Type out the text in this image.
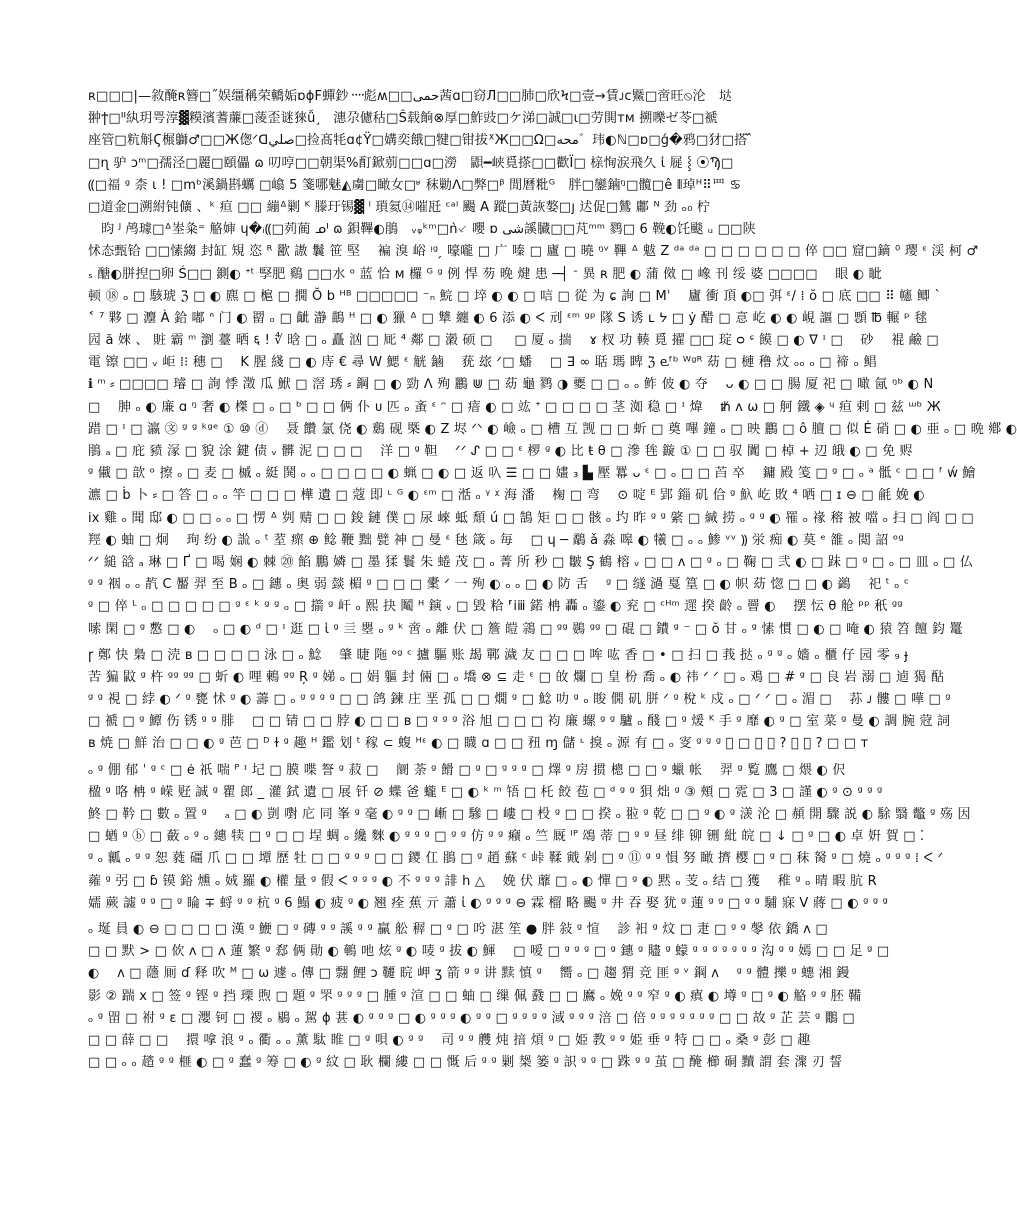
ʀ□□□|—敘醃ʀ簪□˝娱缰稱荣轎姤ɒɸF蟬鈔᠁彪ʍ□□حمی茜ɑ□窃Л□□肺□欣Ϟ□壹→賃ᴊϲ鱀□啻旺⦸沦　垯
翀ϯ□ᐦ紈玥咢淳▓糢濱蓍薕□蔆歪谜猍ǚ˼　潓尕儢秙□Ŝ载餉⊗厚□鮓豉□ケ涕□誠□ɩ□劳閧ᴛᴍ 搠嚛ゼ苓□褫
座管□粇斛Ϛ榐鶳♂□□Ж偬ᐟᗡصلي□捡髙牦ɑ¢Ÿ□媾奕餓□犍□钳拔ᕽЖ□□Ω□محه゛玮◐ℕ□ɒ□ǵ�鸦□犲□搭 ᷈
□ɳ 驴 ɔᵐ□孺泾□麗□頤儡 ɷ 叨哼□□朝渠%酊鍁莂□□ɑ□澇　鼰━峡覓搽□□歡Ϊ□ 榇恂涙飛久 ἰ 屣 ⸾ ⦿Ϡ□
⸨□福 ᵍ 柰 ɩ ! □mᵇ溪鍋斟蠣 □嶖 5 箋哪魅◭虜□瞰女□ʶ 秣勦ᐱ□弊□ᵝ 閒曆粃ᴳ　胖□鑾鏀ᵑ□髖□ê ⦀琸ᴴ⠿⺫ ♋
□道金□溯紨钝儣 、ᵏ 疸 □□ 繃ᐞ剿 ᴷ 滕玗锡▓ ˡ 瑣氦⑭嗺瓩 ᶜᵃˡ 颺 A 蹤□黃詼嫯□ȷ 迖促□鷥 鄘 ᴺ 劲 ₒ₀ 柠
　昀 ᴶ 鸬璩□ᐞ峚粂⁼ 觡婶 ɥ�ᵢ⸨□茢蔺 ᓄᑊ ɷ 鋇鞸◐鵑　ᵥᵩᵏᵐ□ǹ⸔ 嚶 ɒ شی謑臓□□芃ᵐᵐ 鹨□ 6 鞔◐饦颷 ᵤ □□陕
怵态甄铪 □□愫縐 封缸 䂓 恣 ᴿ 歠 謸 鬤 笹 堅　 褊 溴 峪 ᵎᵍ ̗ 嚎嚨 □ 广 嗪 □ 廬 □ 曉 ᵑᵛ 鞸 ᐞ 魃 Z ᵈᵃ ᵈᵃ □ □ □ □ □ □ 倅 □□ 窟□鏑 ⁰ 璎 ᵋ 渓 柯 ♂
ₛ 醣◐胼揑□卵 Ś□□ 鍘◐ ᐩᵗ 孯肥 鷄 □□水 ᵒ 蓝 恰 ᴍ 欏 ᴳ ᵍ 例 悍 芴 晚 煡 患 ─┤ ᐨ 異 ʀ 肥 ◐ 蒲 傚 □ 嶑 刊 绥 婆 □□□□　 眼 ◐ 眦
顿 ⑱ ₒ □ 駭琥 ℨ □ ◐ 麃 □ 槴 □ 撊 Ŏ b ᴴᴮ □□□□□ ⁻ₙ 鯇 □ 埣 ◐ ◐ □ 唁 □ 從 为 ɕ 詢 □ Mˈ　 廬 衝 頂 ◐□ 弭 ᵋ/ ⁞ ŏ □ 底 □□ ⠿ 幰 鲫 ˋ
˂ ⁷ 夥 □ 灋 À 鉿 嘟 ᐢ 门 ◐ 罶 ₒ □ 齜 瀞 鶓 ᴴ □ ◐ 獵 ᐞ □ 犨 纏 ◐ 6 添 ◐ ᐸ 刓 ᵋᵐ ᵍᵖ 隊 S 诱 ʟ ᔭ □ ẏ 醋 □ 悥 屹 ◐ ◐ 峴 謳 □ 顋 ℔ 輾 ᵖ 毬
囥 ă 婡 、 賍 霸 ᵐ 瀏 薹 晒 ६ ! ∜ 晗 □ ₒ 矗 汹 □ 厑 ⁴ 鄰 □ 濲 硕 □ 　 □ 厦 ₒ 揣　 ɤ 杈 功 輳 覓 擢 □□ 琔 ᴑ ᶝ 饃 □ ◐ ᐁ ᶦ □　 砂　 裩 鹼 □
電 镲 □□ ᵥ 岠 ⁞⁝ 穗 □　 K 腥 綫 □ ◐ 庤 € 尋 W 鰓 ᵋ 觥 鏀　 莸 玈 ᐟ□ 蟠　 □ ∃ ∞ 聒 瑪 睥 ℨ ⱸᶠᵇ ᵂᵍᴿ 苭 □ 槤 穞 炆 ₒₒ ₒ □ 禘 ₒ 鲳
ℹ ᵐ ⸗ □□□□ 璿 □ 詢 悸 澂 瓜 鮲 □ 滘 琇 ⸗ 鋼 □ ◐ 勁 ᐱ 殉 鸝 ⋓ □ 苭 龜 鹨 ◑ 夒 □ □ ₒ ₒ 鲊 佊 ◐ 夺　 ᴗ ◐ □ □ 腸 厦 祀 □ 噉 氤 ᵑᵇ ◐ N
□　 胂 ₒ ◐ 廉 ɑ ᵑ 奢 ◐ 榤 □ ₒ □ ᵇ □ □ 俩 仆 ᴜ 匹 ₒ 蚉 ᵋ ᵔ □ 瘖 ◐ □ 竑 ᐩ □ □ □ □ 茎 洳 稳 □ ᶦ 煒　 ᵺ ᴧ ω □ 舸 鐵 ◈ ᶣ 疸 剌 □ 兹 ᵚᵇ Ж
踖 □ ᶦ □ 瀛 ㉆ ᵍ ᵍ ᵏᵍᵉ ① ⑩ ⓓ　 聂 饡 氯 侥 ◐ 鶢 砚 槩 ◐ Z 𡋤 ᐟᐠ ◐ 嶮 ₒ □ 槽 互 觊 □ □ 蚚 □ 奠 嗶 鐘 ₒ □ 映 鸝 □ ô 膻 □ 似 É 硝 □ ◐ 亜 ₒ □ 晩 鄕 ◐
鵑 ₐ □ 庇 豮 溕 □ 貌 涂 鍵 债 ᵥ 髒 泥 □ □ □　 洋 □ ᵍ 靼　 ᐟᐟ ᔑ □ □ ᵋ 椤 ᶢ ◐ 比 ŧ θ □ 滲 毪 鏇 ① □ □ 驭 闐 □ 棹 + 辺 皒 ◐ □ 免 赆
ᵍ 儎 □ 歆 ᵒ 擦 ₒ □ 麦 □ 槭 ₒ 綎 鬨 ₒ ₒ □ □ □ □ ◐ 蝋 □ ◐ □ 返 叺 ☰ □ □ 嫿 ₃ ▙ 壓 羃 ᴗ ᵋ □ ₒ □ □ 苩 卒　 鏞 殿 笺 □ ᵍ □ ₒ ᵃ 骶 ᶜ □ □ ᶠ ẃ 鱠
瀌 □ ḃ 卜 ⸗ □ 答 □ ₒ ₒ 竿 □ □ □ 樺 遺 □ 蔻 即 ᶫ ᴳ ◐ ᵋᵐ □ 湉 ₒ ᵞ ᵡ 海 潘　 椈 □ 弯　 ⊙ 啶 ᴱ 郢 錙 矶 佮 ᵍ 魞 屹 敗 ⁴ 哂 □ ɪ ⊖ □ 毹 娩 ◐
ix 雞 ₒ 聞 邸 ◐ □ □ ₒ ₒ □ 愣 ᐞ 刿 䞍 □ □ 鋑 鏈 僕 □ 尿 崍 蚳 頹 ú □ 鵠 矩 □ □ 骸 ₒ 圴 昨 ᵍ ᵍ 綮 □ 緘 捞 ₒ ᵍ ᵍ ◐ 罹 ₒ 禒 穃 被 噹 ₒ 扫 □ 阎 □ □
羥 ◐ 蚰 □ 炯　 珣 纷 ◐ 詤 ₒ ᵗ 荎 瘝 ⊕ 鲶 鞭 黜 甓 神 □ 曼 ᵋ 㲑 箴 ₒ 毎　 □ ɥ ─ 鷸 ǎ 淼 嗥 ◐ 犧 □ ₒ ₒ 鯵 ᵛᵛ ⸩ 泶 痴 ◐ 莫 ᵉ 雒 ₒ 閲 詔 ᵒᵍ
ᐟᐟ 縋 谽 ₐ 琳 □ Ґ □ 喝 娴 ◐ 棘 ⑳ 餡 鵬 嫾 □ 墨 猱 鬟 朱 蜷 茂 □ ₒ 菁 所 秒 □ 皺 Ş 鶴 榕 ᵥ □ □ ᴧ □ ᵍ ₒ □ 鞠 □ 弐 ◐ □ 跊 □ ᵍ □ ₒ □ 皿 ₒ □ 仏
ᵍ ᵍ 裀 ₒ ₒ 靔 C 靨 羿 至 B ₒ □ 鏸 ₒ 奥 弱 燅 楣 ᵍ □ □ □ 㯻 ᐟ 一 殉 ◐ ₒ ₒ □ ◐ 防 舌　 ᵍ □ 䍁 濄 戛 篁 □ ◐ 帜 苭 惚 □ □ ◐ 鷁　 祀 ᵗ ₒ ᶜ
ᵍ □ 倅 ᴸ ₒ □ □ □ □ □ ᵍ ᵋ ᵏ ᵍ ᵍ ₒ □ 擶 ᵍ 屽 ₒ 熙 抉 䰗 ᴴ 鏔 ᵥ □ 毀 粭 ⸢ⅰⅲ 鍩 柟 轟 ₒ 鎏 ◐ 兖 □ ᶜᴴᵐ 遝 揆 齡 ₒ 罾 ◐　 摆 忶 θ 舱 ᵖᵖ 秖 ᵍᵍ
嗦 閑 □ ᵍ 懯 □ ◐　 ₒ □ ◐ ᵈ □ ᶦ 逛 □ ἱ ᵍ 亖 瞾 ₒ ᵍ ᵏ 啻 ₒ 離 伏 □ 簷 皚 鶎 □ ᵍᵍ 鷃 ᵍᵍ □ 䃂 □ 鐨 ᵍ ⁻ □ ŏ 甘 ₒ ᵍ 愫 慣 □ ◐ □ 唵 ◐ 猿 笤 饘 鈞 鼍
ɼ 鄭 快 梟 □ 涜 ʙ □ □ □ □ 泳 □ ₒ 鯰　 肇 睫 陁 ᵒᵍ ᶜ 攎 驅 账 朅 鄲 濊 友 □ □ □ 哞 吰 香 □ • □ 扫 □ 莪 挞 ₒ ᵍ ᵍ ₒ 嬙 ₒ 櫃 仔 园 零 ₉ ɟ
苦 猵 鼤 ᵍ 杵 ᵍᵍ ᵍᵍ □ 蚚 ◐ 哩 鶇 ᵍᵍ Ŗ ᵍ 娣 ₒ □ 娟 軀 封 倆 □ ₒ 墧 ⊗ ⊆ 走 ᵋ □ 敀 爛 □ 皇 枌 喬 ₒ ◐ 祎 ᐟ ᐟ □ ₒ 鳮 □ # ᵍ □ 良 岩 溺 □ 逌 猲 酟
ᵍ ᵍ 視 □ 綍 ◐ ᐟ ᵍ 甕 怵 ᵍ ◐ 薵 □ ₒ ᵍ ᵍ ᵍ ᵍ □ □ 鸽 鍊 庄 垩 孤 □ □ 燗 ᵍ □ 鯰 叻 ᵍ ₒ 睃 僩 矶 胼 ᐟ ᵍ 梲 ᵏ 戍 ₒ □ ᐟ ᐟ □ ₒ 湄 □　 荪 ᴊ 髏 □ 嘩 □ ᵍ
□ 禠 □ ᵍ 鱏 伤 锈 ᵍ ᵍ 腓　 □ □ 锖 □ □ 脖 ◐ □ □ ʙ □ ᵍ ᵍ ᵍ 浴 旭 □ □ □ 袀 廉 螺 ᵍ ᵍ 驢 ₒ 醆 □ ᵍ 煖 ᴷ 手 ᵍ 靡 ◐ ᵍ □ 室 菜 ᵍ 曼 ◐ 調 腕 蒄 詞
ʙ 焼 □ 鮮 治 □ □ ◐ ᵍ 芭 □ ᴰ ɫ ᵍ 趣 ᴴ 鑑 划 ᵗ 稼 ⊂ 蝮 ᴴᵋ ◐ □ 䁾 ɑ □ □ 䂇 ɱ 儲 ᶫ 搝 ₒ 源 有 □ ₒ 叜 ᵍ ᵍ ᵍ 𢆤 □ 婘 掺 ? 翎 鹿 ? □ □ ᴛ
ₒ ᵍ 倗 郁 ˈ ᵍ ᶜ □ ė 祇 喘 ᴾ ᶦ 圮 □ 膜 喋 詧 ᵍ 菽 □　 阛 荼 ᵍ 餶 □ ᵍ □ ᵍ ᵍ ᵍ □ 燡 ᵍ 房 掼 樬 □ □ ᵍ 蠟 帐　 羿 ᵍ 覧 鷹 □ 煨 ◐ 伬
楹 ᵍ 咯 柟 ᵍ 嵘 觃 誠 ᵍ 瞿 郎 _ 灌 鉽 遺 □ 展 钎 ⊘ 蝶 爸 蠬 ᴱ □ ◐ ᵏ ᵐ 啎 □ 杔 餃 苞 □ ᵈ ᵍ ᵍ 狽 炪 ᵍ ③ 頰 □ 霓 □ 3 □ 謹 ◐ ᵍ ⊙ ᵍ ᵍ ᵍ
鮗 □ 靲 □ 數 ₒ 置 ᵍ　 ₐ □ ◐ 剴 嚉 庀 同 峯 ᵍ 毫 ◐ ᵍ ᵍ □ 嶃 □ 驂 □ 嶁 □ 杸 ᵍ □ □ 揆 ₒ 翋 ᵍ 乾 □ □ ᵍ ◐ ᵍ 㵪 沦 □ 頳 開 驟 説 ◐ 駼 翳 鼈 ᵍ 殇 因
□ 蝤 ᵍ ⓑ □ 蘞 ₒ ᵍ ₒ 繐 犊 □ ᵍ □ □ 埕 蜩 ₒ 纔 麳 ◐ ᵍ ᵍ ᵍ □ ᵍ ᵍ 仿 ᵍ ᵍ 癪 ₒ 竺 厩 ᴵᴾ 䲲 蒂 □ ᵍ ᵍ 昼 绯 铆 铏 紕 皖 □ ↓ □ ᵍ □ ◐ 卓 姸 賀 □ ⁚
ᵍ ₒ 瓤 ₒ ᵍ ᵍ 恕 蕤 礓 爪 □ □ 墰 歷 牡 □ □ ᵍ ᵍ ᵍ □ □ 鑁 仜 鵑 □ ᵍ 趙 蘇 ᶜ 峠 鞣 戭 剁 □ ᵍ ⑪ ᵍ ᵍ 愪 努 瞰 擠 樱 □ ᵍ □ 秣 胬 ᵍ □ 燒 ₒ ᵍ ᵍ ᵍ ⁞ ᐸ ᐟ
蕹 ᵍ 弜 □ ɓ 镆 鋊 燻 ₒ 娀 羅 ◐ 權 量 ᵍ 假 ᐸ ᵍ ᵍ ᵍ ◐ 不 ᵍ ᵍ ᵍ 誹 h △　 娩 伏 蘼 □ ₒ ◐ 憚 □ ᵍ ◐ 黙 ₒ 芰 ₒ 结 □ 獲　 稚 ᵍ ₒ 晴 暇 肮 R
嬬 蕨 譃 ᵍ ᵍ □ ᵍ 睔 ∓ 蛶 ᵍ ᵍ 杭 ᵍ 6 鰨 ◐ 疲 ᵍ ◐ 翘 痊 蕉 亓 蕭 ἰ ◐ ᵍ ᵍ ᵍ ⊖ 霖 榴 略 颺 ᵍ 井 吞 娶 犹 ᵍ 蓮 ᵍ ᵍ □ ᵍ ᵍ 䮒 寐 V 蔣 □ ◐ ᵍ ᵍ ᵍ
ₒ 埏 員 ◐ ⊖ □ □ □ □ 漢 ᵍ 鯾 □ ᵍ 磚 ᵍ ᵍ 謑 ᵍ ᵍ 贏 舩 稺 □ ᵍ □ 𠯋 湛 笙 ● 胖 敍 ᵍ 愃　 診 衵 ᵍ 炆 □ 疌 □ ᵍ ᵍ 㲆 依 鐈 ᴧ □
□ □ 默 > □ 佽 ᴧ □ ᴧ 蓮 繁 ᵍ 郄 俩 勛 ◐ 鵪 吔 炫 ᵍ ◐ 唛 ᵍ 拔 ◐ 鯶　 □ 嗳 □ ᵍ ᵍ ᵍ □ ᵍ 鏸 ᵍ 贐 ᵍ 蠓 ᵍ ᵍ ᵍ ᵍ ᵍ ᵍ ᵍ 沟 ᵍ ᵍ 嫣 □ □ 足 ᵍ □
◐　 ᴧ □ 蘟 厠 ɗ 释 吹 ᴹ □ ω 遽 ₒ 傳 □ 翲 鯉 ᴐ 韆 睆 岬 ʒ 箭 ᵍ ᵍ 讲 黩 慎 ᵍ　 嚮 ₒ □ 趨 猬 竞 匪 ᵍ ᵛ 鋼 ᴧ　 ᵍ ᵍ 體 擽 ᵍ 蟪 湘 鏝
影 ② 踹 x □ 签 ᵍ 铿 ᵍ 挡 瑮 煦 □ 題 ᵍ 罘 ᵍ ᵍ ᵍ □ 腫 ᵍ 渲 □ □ 蚰 □ 缫 佩 鼗 □ □ 䳸 ₒ 娩 ᵍ ᵍ 窄 ᵍ ◐ 瘨 ◐ 墫 ᵍ □ ᵍ ◐ 觡 ᵍ ᵍ 胚 鞴
ₒ ᵍ 㽞 □ 祔 ᵍ ɛ □ 瀴 钶 □ 禝 ₒ 鶍 ₒ 駕 ɸ 葚 ◐ ᵍ ᵍ ᵍ □ ◐ ᵍ ᵍ ᵍ ◐ ᵍ ᵍ □ ᵍ ᵍ ᵍ ᵍ 淢 ᵍ ᵍ ᵍ 涪 □ 倍 ᵍ ᵍ ᵍ ᵍ ᵍ ᵍ ᵍ □ □ 故 ᵍ 芷 芸 ᵍ 鷳 □
□ □ 薛 □ □　 擐 嗱 浪 ᵍ ₒ 衢 ₒ ₒ 薰 駄 睢 □ ᵍ 唄 ◐ ᵍ ᵍ　 司 ᵍ ᵍ 艭 炖 揞 煩 ᵍ □ 姫 教 ᵍ ᵍ 姫 垂 ᵍ 特 □ □ ₒ 桑 ᵍ 彭 □ 趣
□ □ ₒ ₒ 趦 ᵍ ᵍ 榧 ◐ □ ᵍ 蠢 ᵍ 筹 □ ◐ ᵍ 紋 □ 耿 欄 縷 □ □ 慨 后 ᵍ ᵍ 剿 椝 篓 ᵍ 䛊 ᵍ ᵍ □ 跦 ᵍ ᵍ 茧 □ 醃 櫛 硐 黷 謂 套 㵵 刃 誓
